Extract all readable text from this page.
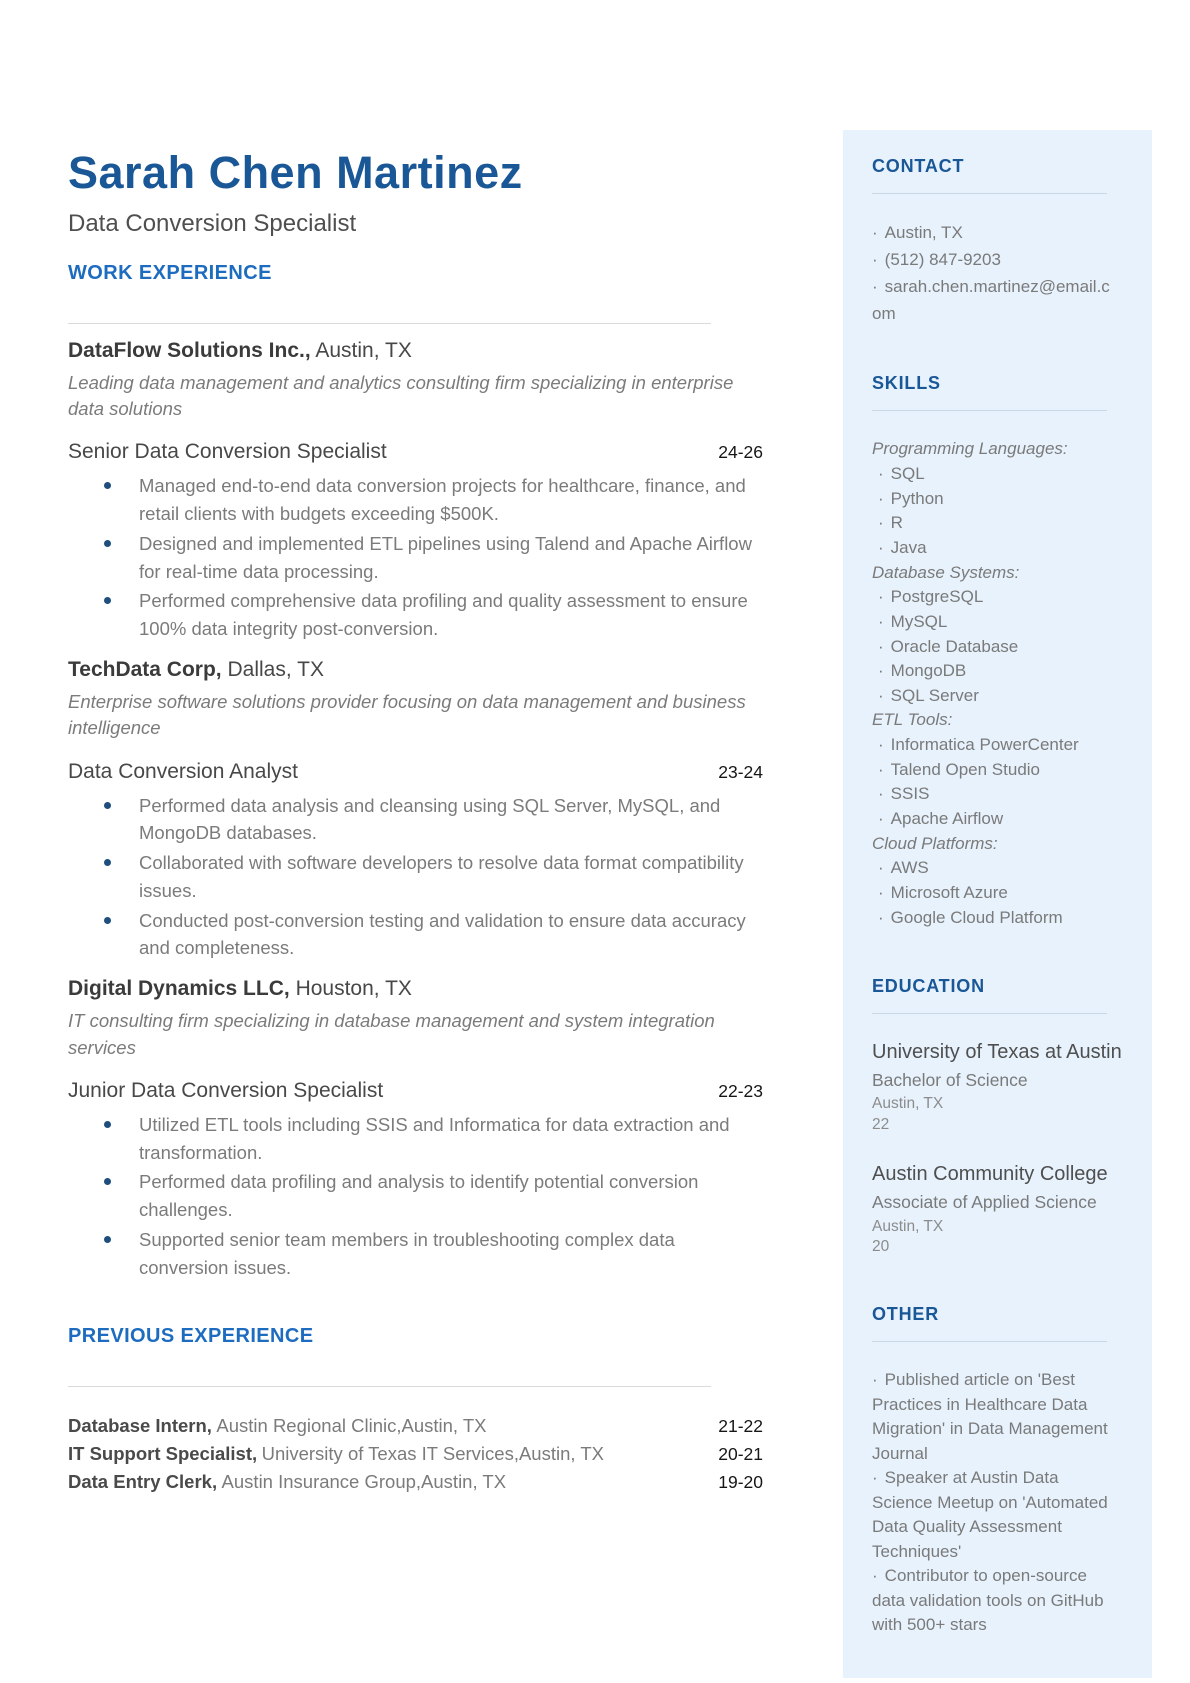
Sarah Chen Martinez
Data Conversion Specialist
WORK EXPERIENCE
DataFlow Solutions Inc., Austin, TX
Leading data management and analytics consulting firm specializing in enterprise data solutions
Senior Data Conversion Specialist	24-26
Managed end-to-end data conversion projects for healthcare, finance, and retail clients with budgets exceeding $500K.
Designed and implemented ETL pipelines using Talend and Apache Airflow for real-time data processing.
Performed comprehensive data profiling and quality assessment to ensure 100% data integrity post-conversion.
TechData Corp, Dallas, TX
Enterprise software solutions provider focusing on data management and business intelligence
Data Conversion Analyst	23-24
Performed data analysis and cleansing using SQL Server, MySQL, and MongoDB databases.
Collaborated with software developers to resolve data format compatibility issues.
Conducted post-conversion testing and validation to ensure data accuracy and completeness.
Digital Dynamics LLC, Houston, TX
IT consulting firm specializing in database management and system integration services
Junior Data Conversion Specialist	22-23
Utilized ETL tools including SSIS and Informatica for data extraction and transformation.
Performed data profiling and analysis to identify potential conversion challenges.
Supported senior team members in troubleshooting complex data conversion issues.
PREVIOUS EXPERIENCE
Database Intern, Austin Regional Clinic,Austin, TX	21-22
IT Support Specialist, University of Texas IT Services,Austin, TX	20-21
Data Entry Clerk, Austin Insurance Group,Austin, TX	19-20
CONTACT
· Austin, TX
· (512) 847-9203
· sarah.chen.martinez@email.com
SKILLS
Programming Languages:
· SQL
· Python
· R
· Java
Database Systems:
· PostgreSQL
· MySQL
· Oracle Database
· MongoDB
· SQL Server
ETL Tools:
· Informatica PowerCenter
· Talend Open Studio
· SSIS
· Apache Airflow
Cloud Platforms:
· AWS
· Microsoft Azure
· Google Cloud Platform
EDUCATION
University of Texas at Austin
Bachelor of Science
Austin, TX
22
Austin Community College
Associate of Applied Science
Austin, TX
20
OTHER
· Published article on 'Best Practices in Healthcare Data Migration' in Data Management Journal
· Speaker at Austin Data Science Meetup on 'Automated Data Quality Assessment Techniques'
· Contributor to open-source data validation tools on GitHub with 500+ stars
